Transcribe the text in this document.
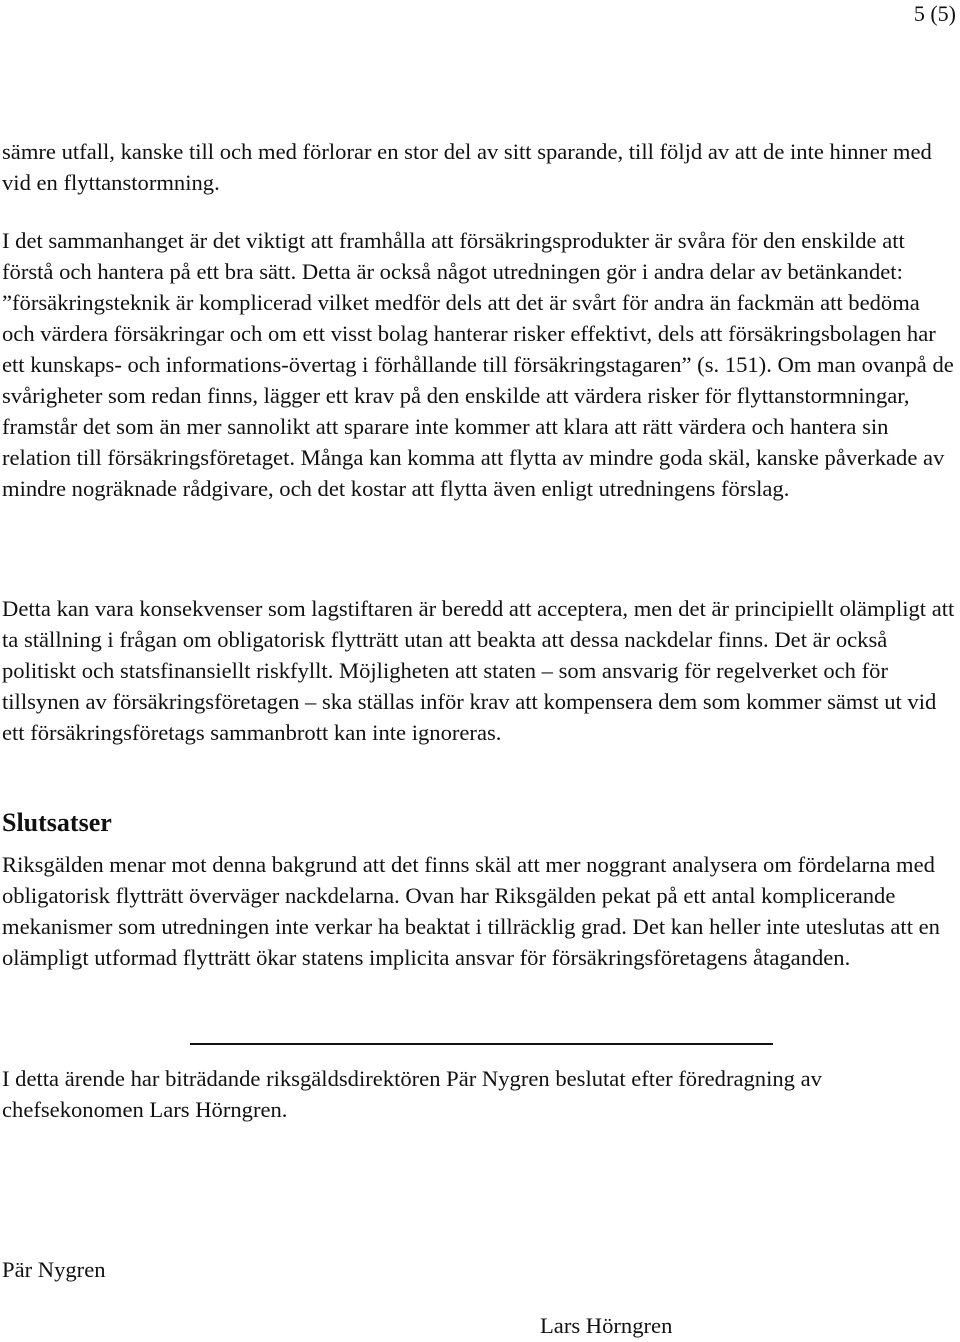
5 (5)

sämre utfall, kanske till och med förlorar en stor del av sitt sparande, till följd av att de inte hinner med vid en flyttanstormning.

I det sammanhanget är det viktigt att framhålla att försäkringsprodukter är svåra för den enskilde att förstå och hantera på ett bra sätt. Detta är också något utredningen gör i andra delar av betänkandet: ”försäkringsteknik är komplicerad vilket medför dels att det är svårt för andra än fackmän att bedöma och värdera försäkringar och om ett visst bolag hanterar risker effektivt, dels att försäkringsbolagen har ett kunskaps- och informations-övertag i förhållande till försäkringstagaren” (s. 151). Om man ovanpå de svårigheter som redan finns, lägger ett krav på den enskilde att värdera risker för flyttanstormningar, framstår det som än mer sannolikt att sparare inte kommer att klara att rätt värdera och hantera sin relation till försäkringsföretaget. Många kan komma att flytta av mindre goda skäl, kanske påverkade av mindre nogräknade rådgivare, och det kostar att flytta även enligt utredningens förslag.

Detta kan vara konsekvenser som lagstiftaren är beredd att acceptera, men det är principiellt olämpligt att ta ställning i frågan om obligatorisk flytträtt utan att beakta att dessa nackdelar finns. Det är också politiskt och statsfinansiellt riskfyllt. Möjligheten att staten – som ansvarig för regelverket och för tillsynen av försäkringsföretagen – ska ställas inför krav att kompensera dem som kommer sämst ut vid ett försäkringsföretags sammanbrott kan inte ignoreras.

Slutsatser

Riksgälden menar mot denna bakgrund att det finns skäl att mer noggrant analysera om fördelarna med obligatorisk flytträtt överväger nackdelarna. Ovan har Riksgälden pekat på ett antal komplicerande mekanismer som utredningen inte verkar ha beaktat i tillräcklig grad. Det kan heller inte uteslutas att en olämpligt utformad flytträtt ökar statens implicita ansvar för försäkringsföretagens åtaganden.

I detta ärende har biträdande riksgäldsdirektören Pär Nygren beslutat efter föredragning av chefsekonomen Lars Hörngren.

Pär Nygren
Lars Hörngren
